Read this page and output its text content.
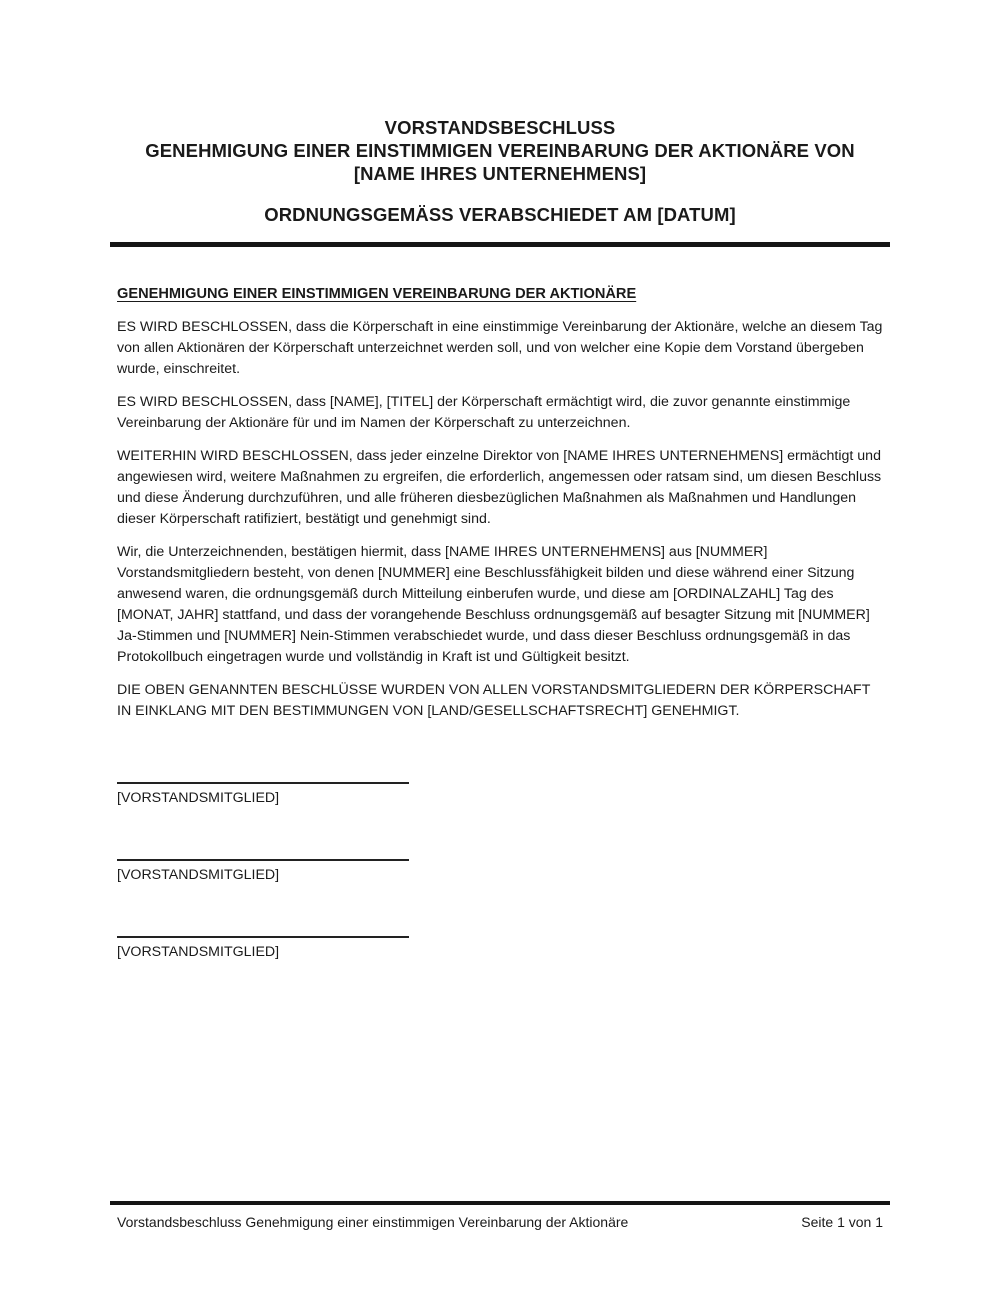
VORSTANDSBESCHLUSS
GENEHMIGUNG EINER EINSTIMMIGEN VEREINBARUNG DER AKTIONÄRE VON
[NAME IHRES UNTERNEHMENS]
ORDNUNGSGEMÄSS VERABSCHIEDET AM [DATUM]
GENEHMIGUNG EINER EINSTIMMIGEN VEREINBARUNG DER AKTIONÄRE

ES WIRD BESCHLOSSEN, dass die Körperschaft in eine einstimmige Vereinbarung der Aktionäre, welche an diesem Tag von allen Aktionären der Körperschaft unterzeichnet werden soll, und von welcher eine Kopie dem Vorstand übergeben wurde, einschreitet.

ES WIRD BESCHLOSSEN, dass [NAME], [TITEL] der Körperschaft ermächtigt wird, die zuvor genannte einstimmige Vereinbarung der Aktionäre für und im Namen der Körperschaft zu unterzeichnen.

WEITERHIN WIRD BESCHLOSSEN, dass jeder einzelne Direktor von [NAME IHRES UNTERNEHMENS] ermächtigt und angewiesen wird, weitere Maßnahmen zu ergreifen, die erforderlich, angemessen oder ratsam sind, um diesen Beschluss und diese Änderung durchzuführen, und alle früheren diesbezüglichen Maßnahmen als Maßnahmen und Handlungen dieser Körperschaft ratifiziert, bestätigt und genehmigt sind.

Wir, die Unterzeichnenden, bestätigen hiermit, dass [NAME IHRES UNTERNEHMENS] aus [NUMMER] Vorstandsmitgliedern besteht, von denen [NUMMER] eine Beschlussfähigkeit bilden und diese während einer Sitzung anwesend waren, die ordnungsgemäß durch Mitteilung einberufen wurde, und diese am [ORDINALZAHL] Tag des [MONAT, JAHR] stattfand, und dass der vorangehende Beschluss ordnungsgemäß auf besagter Sitzung mit [NUMMER] Ja-Stimmen und [NUMMER] Nein-Stimmen verabschiedet wurde, und dass dieser Beschluss ordnungsgemäß in das Protokollbuch eingetragen wurde und vollständig in Kraft ist und Gültigkeit besitzt.

DIE OBEN GENANNTEN BESCHLÜSSE WURDEN VON ALLEN VORSTANDSMITGLIEDERN DER KÖRPERSCHAFT IN EINKLANG MIT DEN BESTIMMUNGEN VON [LAND/GESELLSCHAFTSRECHT] GENEHMIGT.

[VORSTANDSMITGLIED]
[VORSTANDSMITGLIED]
[VORSTANDSMITGLIED]
Vorstandsbeschluss Genehmigung einer einstimmigen Vereinbarung der Aktionäre	Seite 1 von 1
